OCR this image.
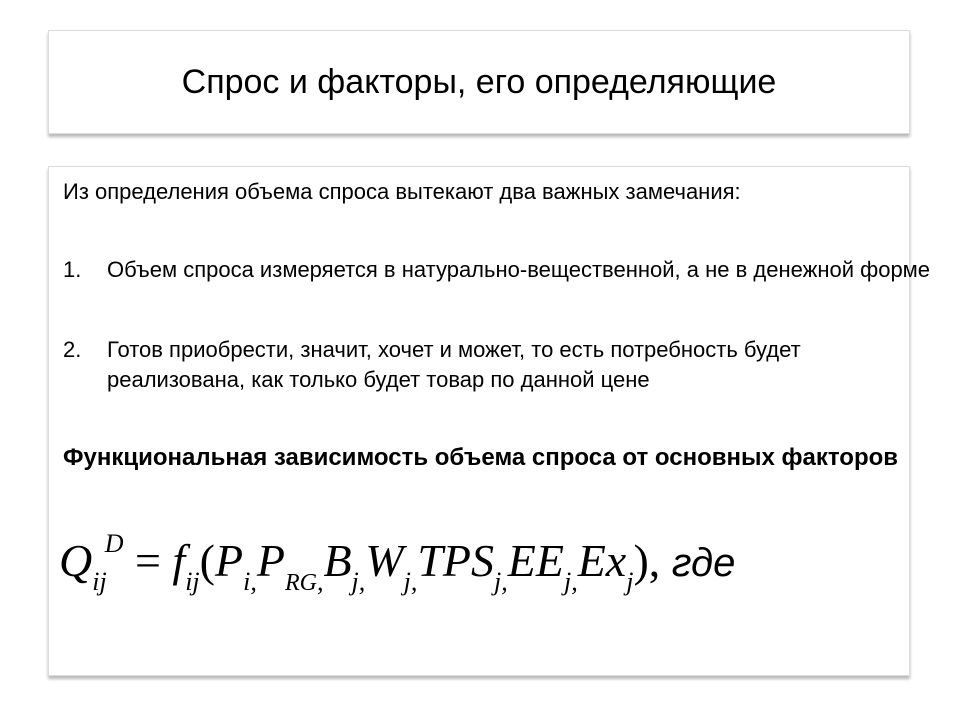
Спрос и факторы, его определяющие

Из определения объема спроса вытекают два важных замечания:

1. Объем спроса измеряется в натурально-вещественной, а не в денежной форме
2. Готов приобрести, значит, хочет и может, то есть потребность будет реализована, как только будет товар по данной цене

Функциональная зависимость объема спроса от основных факторов

$Q_{ij}^D = f_{ij}(P_{i,}P_{RG,}B_{j,}W_{j,}TPS_{j,}EE_{j,}Ex_j)$, где
